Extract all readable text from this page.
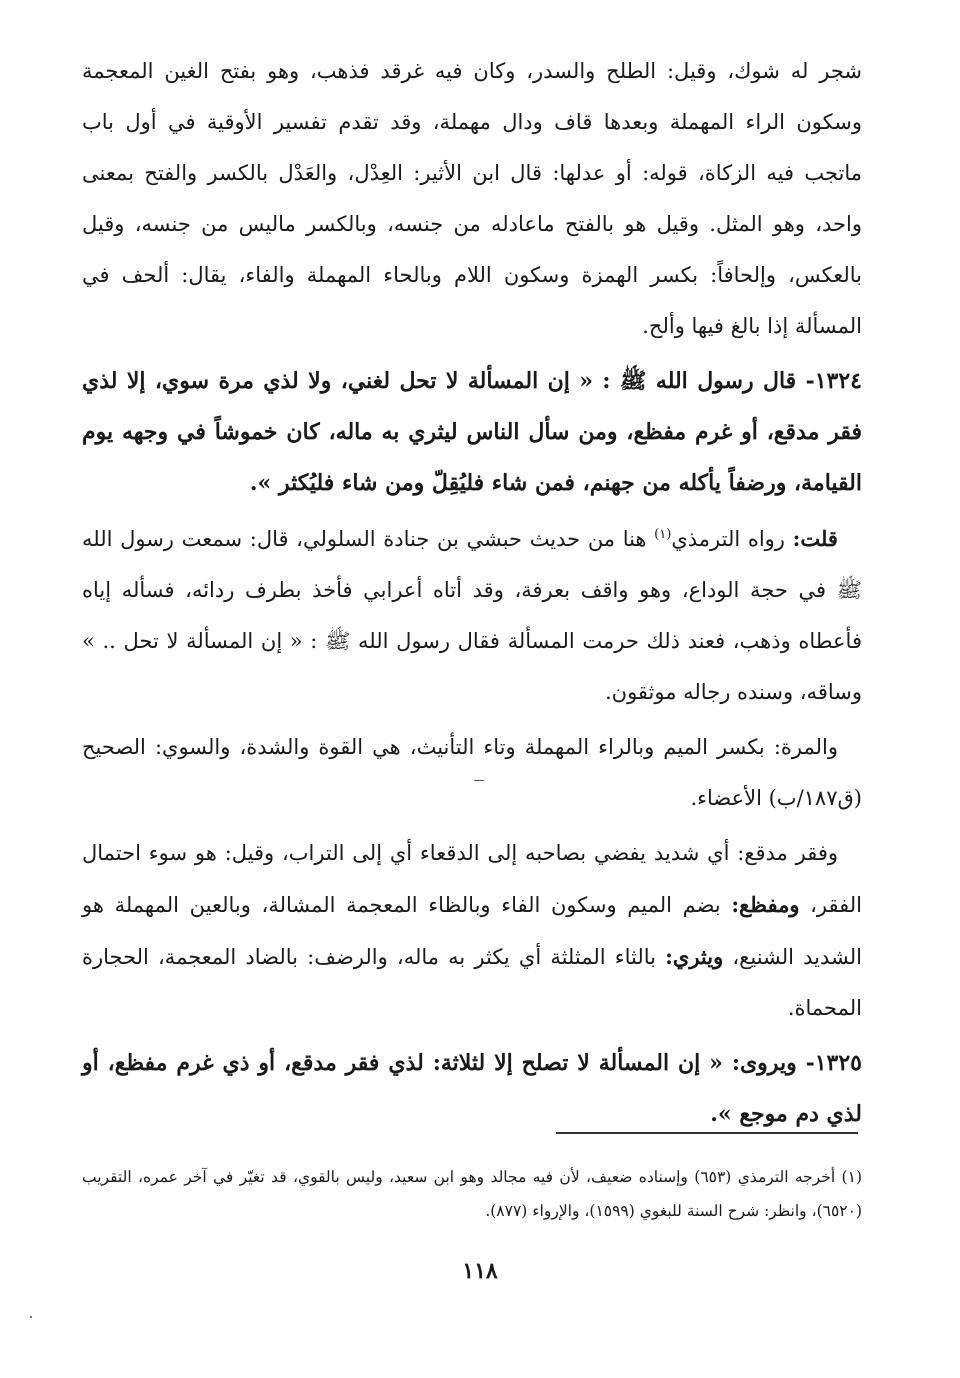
شجر له شوك، وقيل: الطلح والسدر، وكان فيه غرقد فذهب، وهو بفتح الغين المعجمة وسكون الراء المهملة وبعدها قاف ودال مهملة، وقد تقدم تفسير الأوقية في أول باب ماتجب فيه الزكاة، قوله: أو عدلها: قال ابن الأثير: العِدْل، والعَدْل بالكسر والفتح بمعنى واحد، وهو المثل. وقيل هو بالفتح ماعادله من جنسه، وبالكسر ماليس من جنسه، وقيل بالعكس، وإلحافاً: بكسر الهمزة وسكون اللام وبالحاء المهملة والفاء، يقال: ألحف في المسألة إذا بالغ فيها وألح.

١٣٢٤- قال رسول الله ﷺ : « إن المسألة لا تحل لغني، ولا لذي مرة سوي، إلا لذي فقر مدقع، أو غرم مفظع، ومن سأل الناس ليثري به ماله، كان خموشاً في وجهه يوم القيامة، ورضفاً يأكله من جهنم، فمن شاء فليُقِلّ ومن شاء فليُكثر ».

قلت: رواه الترمذي$^{(١)}$ هنا من حديث حبشي بن جنادة السلولي، قال: سمعت رسول الله ﷺ في حجة الوداع، وهو واقف بعرفة، وقد أتاه أعرابي فأخذ بطرف ردائه، فسأله إياه فأعطاه وذهب، فعند ذلك حرمت المسألة فقال رسول الله ﷺ : « إن المسألة لا تحل .. » وساقه، وسنده رجاله موثقون.

والمرة: بكسر الميم وبالراء المهملة وتاء التأنيث، هي القوة والشدة، والسوي: الصحيح (ق١٨٧/ب) الأعضاء.

وفقر مدقع: أي شديد يفضي بصاحبه إلى الدقعاء أي إلى التراب، وقيل: هو سوء احتمال الفقر، ومفظع: بضم الميم وسكون الفاء وبالظاء المعجمة المشالة، وبالعين المهملة هو الشديد الشنيع، ويثري: بالثاء المثلثة أي يكثر به ماله، والرضف: بالضاد المعجمة، الحجارة المحماة.

١٣٢٥- ويروى: « إن المسألة لا تصلح إلا لثلاثة: لذي فقر مدقع، أو ذي غرم مفظع، أو لذي دم موجع ».

(١) أخرجه الترمذي (٦٥٣) وإسناده ضعيف، لأن فيه مجالد وهو ابن سعيد، وليس بالقوي، قد تغيّر في آخر عمره، التقريب (٦٥٢٠)، وانظر: شرح السنة للبغوي (١٥٩٩)، والإرواء (٨٧٧).
١١٨
